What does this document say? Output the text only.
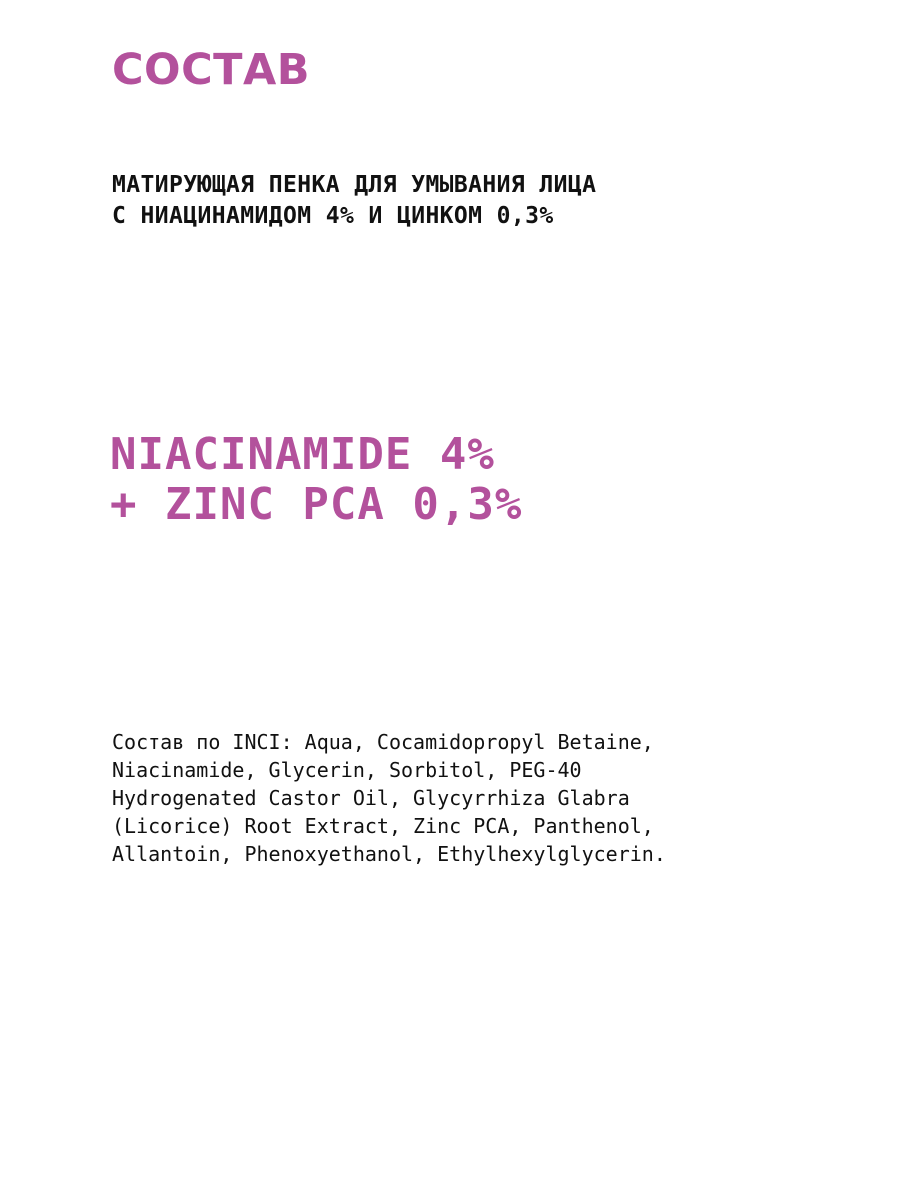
СОСТАВ
МАТИРУЮЩАЯ ПЕНКА ДЛЯ УМЫВАНИЯ ЛИЦА
С НИАЦИНАМИДОМ 4% И ЦИНКОМ 0,3%
NIACINAMIDE 4%
+ ZINC PCA 0,3%
Состав по INCI: Aqua, Cocamidopropyl Betaine,
Niacinamide, Glycerin, Sorbitol, PEG-40
Hydrogenated Castor Oil, Glycyrrhiza Glabra
(Licorice) Root Extract, Zinc PCA, Panthenol,
Allantoin, Phenoxyethanol, Ethylhexylglycerin.
